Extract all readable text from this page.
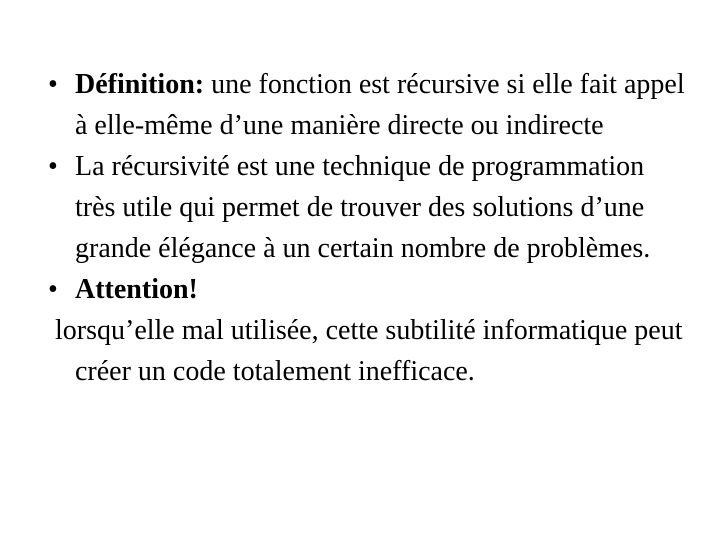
• Définition: une fonction est récursive si elle fait appel à elle-même d’une manière directe ou indirecte
• La récursivité est une technique de programmation très utile qui permet de trouver des solutions d’une grande élégance à un certain nombre de problèmes.
• Attention!

lorsqu’elle mal utilisée, cette subtilité informatique peut créer un code totalement inefficace.
